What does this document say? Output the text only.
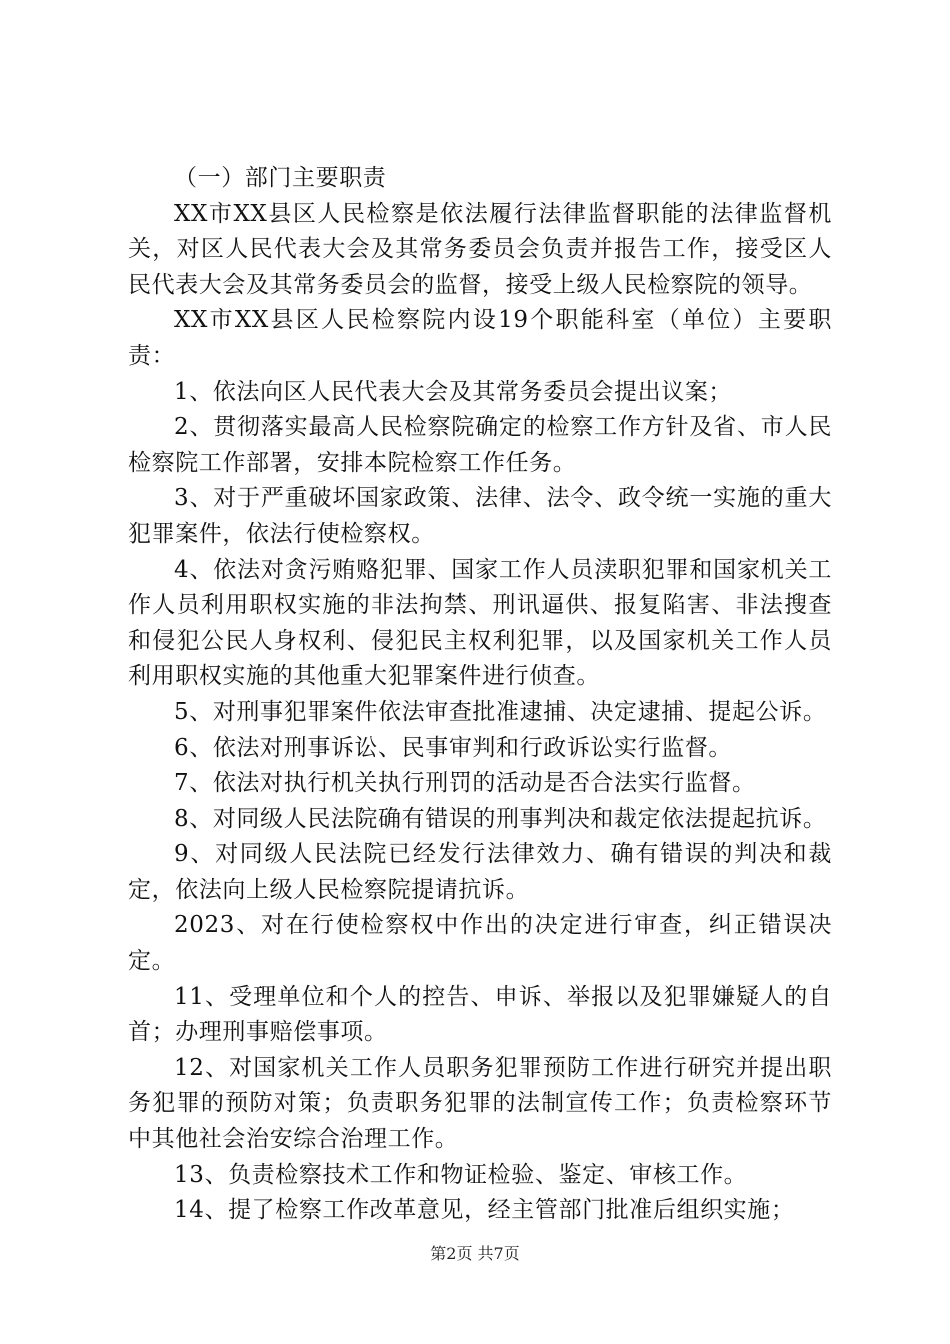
（一）部门主要职责

XX市XX县区人民检察是依法履行法律监督职能的法律监督机关，对区人民代表大会及其常务委员会负责并报告工作，接受区人民代表大会及其常务委员会的监督，接受上级人民检察院的领导。

XX市XX县区人民检察院内设19个职能科室（单位）主要职责：

1、依法向区人民代表大会及其常务委员会提出议案；

2、贯彻落实最高人民检察院确定的检察工作方针及省、市人民检察院工作部署，安排本院检察工作任务。

3、对于严重破坏国家政策、法律、法令、政令统一实施的重大犯罪案件，依法行使检察权。

4、依法对贪污贿赂犯罪、国家工作人员渎职犯罪和国家机关工作人员利用职权实施的非法拘禁、刑讯逼供、报复陷害、非法搜查和侵犯公民人身权利、侵犯民主权利犯罪，以及国家机关工作人员利用职权实施的其他重大犯罪案件进行侦查。

5、对刑事犯罪案件依法审查批准逮捕、决定逮捕、提起公诉。

6、依法对刑事诉讼、民事审判和行政诉讼实行监督。

7、依法对执行机关执行刑罚的活动是否合法实行监督。

8、对同级人民法院确有错误的刑事判决和裁定依法提起抗诉。

9、对同级人民法院已经发行法律效力、确有错误的判决和裁定，依法向上级人民检察院提请抗诉。

2023、对在行使检察权中作出的决定进行审查，纠正错误决定。

11、受理单位和个人的控告、申诉、举报以及犯罪嫌疑人的自首；办理刑事赔偿事项。

12、对国家机关工作人员职务犯罪预防工作进行研究并提出职务犯罪的预防对策；负责职务犯罪的法制宣传工作；负责检察环节中其他社会治安综合治理工作。

13、负责检察技术工作和物证检验、鉴定、审核工作。

14、提了检察工作改革意见，经主管部门批准后组织实施；

第2页 共7页
